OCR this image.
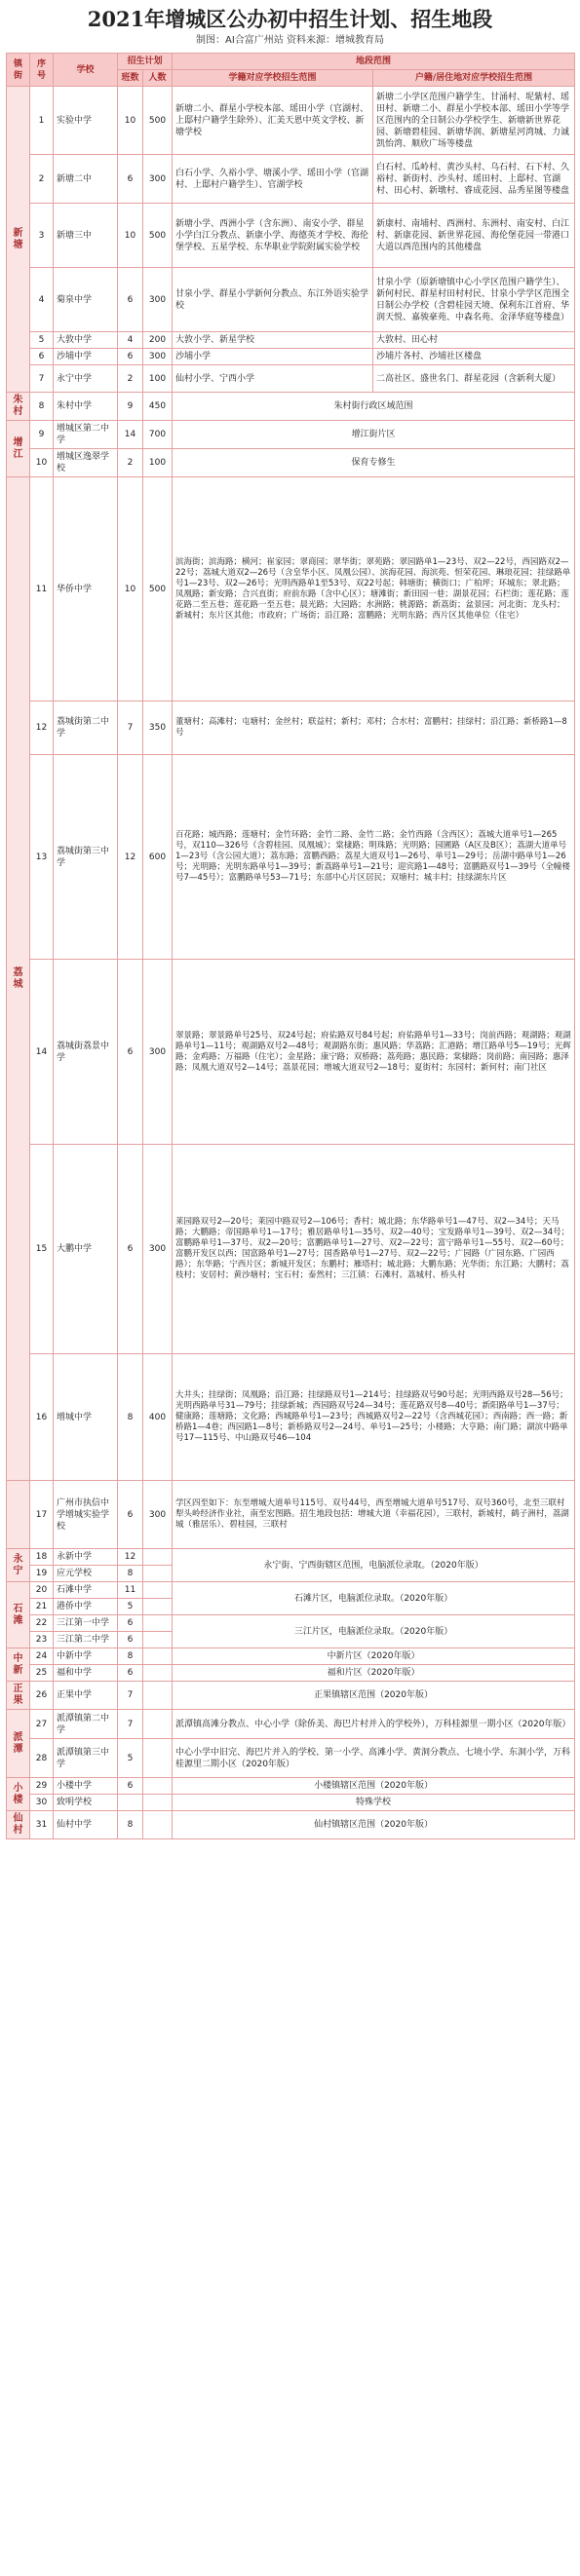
2021年增城区公办初中招生计划、招生地段
制图：AI合富广州站 资料来源：增城教育局
镇街	序号	学校	招生计划		地段范围	
			班数	人数	学籍对应学校招生范围	户籍/居住地对应学校招生范围
新塘	1	实验中学	10	500	新塘二小、群星小学校本部、瑶田小学（官湖村、上邸村户籍学生除外）、汇美天恩中英文学校、新塘学校	新塘二小学区范围户籍学生、甘涌村、坭紫村、瑶田村、新塘二小、群星小学校本部、瑶田小学等学区范围内的全日制公办学校学生、新塘新世界花园、新塘碧桂园、新塘华润、新塘星河湾城、力诚凯怡湾、顺欣广场等楼盘
	2	新塘二中	6	300	白石小学、久裕小学、塘溪小学、瑶田小学（官湖村、上邸村户籍学生）、官湖学校	白石村、瓜岭村、黄沙头村、乌石村、石下村、久裕村、新街村、沙头村、瑶田村、上邸村、官湖村、田心村、新墩村、睿成花园、品秀星图等楼盘
	3	新塘三中	10	500	新塘小学、西洲小学（含东洲）、南安小学、群星小学白江分教点、新康小学、海德英才学校、海伦堡学校、五星学校、东华职业学院附属实验学校	新康村、南埔村、西洲村、东洲村、南安村、白江村、新康花园、新世界花园、海伦堡花园一带港口大道以西范围内的其他楼盘
	4	菊泉中学	6	300	甘泉小学、群星小学新何分教点、东江外语实验学校	甘泉小学（原新塘镇中心小学区范围户籍学生）、新何村民、群星村田村村民、甘泉小学学区范围全日制公办学校（含碧桂园天境、保利东江首府、华润天悦、嘉骏豪苑、中森名苑、金泽华庭等楼盘）
	5	大敦中学	4	200	大敦小学、新星学校	大敦村、田心村
	6	沙埔中学	6	300	沙埔小学	沙埔片各村、沙埔社区楼盘
	7	永宁中学	2	100	仙村小学、宁西小学	二高社区、盛世名门、群星花园（含新利大厦）
朱村	8	朱村中学	9	450	朱村街行政区域范围	
增江	9	增城区第二中学	14	700	增江街片区	
	10	增城区逸翠学校	2	100	保育专修生	
荔城	11	华侨中学	10	500	滨海街；滨海路；横河；崔家园；翠商园；翠华街；翠苑路；翠园路单1—23号、双2—22号，西园路双2—22号；荔城大道双2—26号（含皇华小区、凤凰公园）、滨海花园、海滨苑、恒荣花园、琳琅花园；挂绿路单号1—23号、双2—26号；光明西路单1至53号、双22号起；韩塘街；横街口；广柏坪；环城东；翠北路；凤凰路；新安路；合兴直街；府前东路（含中心区）；塘滩街；新田园一巷；湖景花园；石栏街；莲花路；莲花路二至五巷；莲花路一至五巷；晨光路；大园路；水洲路；桃源路；新荔街；盆景园；河北街；龙头村；新城村；东片区其他；市政府；广场街；沿江路；富鹏路；光明东路；西片区其他单位（住宅）	
	12	荔城街第二中学	7	350	董塘村；高滩村；屯塘村；金丝村；联益村；新村；邓村；合水村；富鹏村；挂绿村；沿江路；新桥路1—8号	
	13	荔城街第三中学	12	600	百花路；城西路；莲塘村；金竹环路；金竹二路、金竹二路；金竹西路（含西区）；荔城大道单号1—265号，双110—326号（含碧桂园、凤凰城）；棠棣路；明珠路；光明路；园圃路（A区及B区）；荔湖大道单号1—23号（含公园大道）；荔东路；富鹏西路；荔星大道双号1—26号、单号1—29号；岳湖中路单号1—26号；光明路；光明东路单号1—39号；新荔路单号1—21号；迎宾路1—48号；富鹏路双号1—39号（全幢楼号7—45号）；富鹏路单号53—71号；东部中心片区居民；双塘村；城丰村；挂绿湖东片区	
	14	荔城街荔景中学	6	300	翠景路；翠景路单号25号、双24号起；府佑路双号84号起；府佑路单号1—33号；岗前西路；观湖路；观湖路单号1—11号；观湖路双号2—48号；观湖路东街；惠风路；华荔路；汇港路；增江路单号5—19号；光辉路；金鸡路；万福路（住宅）；金星路；康宁路；双桥路；荔苑路；惠民路；棠棣路；岗前路；南园路；惠泽路；凤凰大道双号2—14号；荔景花园；增城大道双号2—18号；夏街村；东园村；新何村；南门社区	
	15	大鹏中学	6	300	莱园路双号2—20号；莱园中路双号2—106号；香村；城北路；东华路单号1—47号、双2—34号；天马路；大鹏路；帝国路单号1—17号；雅居路单号1—35号、双2—40号；宝发路单号1—39号、双2—34号；富鹏路单号1—37号、双2—20号；富鹏路单号1—27号、双2—22号；富宁路单号1—55号、双2—60号；富鹏开发区以西；国富路单号1—27号；国香路单号1—27号、双2—22号；广园路（广园东路、广园西路）；东华路；宁西片区；新城开发区；东鹏村；雁塔村；城北路；大鹏东路；光华街；东江路；大鹏村；荔枝村；安居村；黄沙塘村；宝石村；泰然村；三江镇：石滩村、荔城村、桥头村	
	16	增城中学	8	400	大井头；挂绿街；凤凰路；沿江路；挂绿路双号1—214号；挂绿路双号90号起；光明西路双号28—56号；光明西路单号31—79号；挂绿新城；西园路双号24—34号；莲花路双号8—40号；新阳路单号1—37号；健康路；莲塘路；文化路；西城路单号1—23号；西城路双号2—22号（含西城花园）；西南路；西一路；新桥路1—4巷；西园路1—8号；新桥路双号2—24号、单号1—25号；小楼路；大亨路；南门路；湖滨中路单号17—115号、中山路双号46—104	
	17	广州市执信中学增城实验学校	6	300	学区四至如下：东至增城大道单号115号、双号44号，西至增城大道单号517号、双号360号，北至三联村犁头岭经济作业社，南至宏图路。招生地段包括：增城大道（幸福花园），三联村，新城村，鹤子洲村，荔湖城（雅居乐）、碧桂园，三联村	
永宁	18	永新中学	12		永宁街、宁西街辖区范围，电脑派位录取。（2020年版）	
	19	应元学校	8			
石滩	20	石滩中学	11		石滩片区，电脑派位录取。（2020年版）	
	21	港侨中学	5			
	22	三江第一中学	6		三江片区，电脑派位录取。（2020年版）	
	23	三江第二中学	6			
中新	24	中新中学	8		中新片区（2020年版）	
	25	福和中学	6		福和片区（2020年版）	
正果	26	正果中学	7		正果镇辖区范围（2020年版）	
派潭	27	派潭镇第二中学	7		派潭镇高滩分教点、中心小学（除侨美、海巴片村并入的学校外），万科桂源里一期小区（2020年版）	
	28	派潭镇第三中学	5		中心小学中旧完、海巴片并入的学校、第一小学、高滩小学、黄洞分教点、七境小学、东洞小学，万科桂源里二期小区（2020年版）	
小楼	29	小楼中学	6		小楼镇辖区范围（2020年版）	
	30	致明学校			特殊学校	
仙村	31	仙村中学	8		仙村镇辖区范围（2020年版）	
